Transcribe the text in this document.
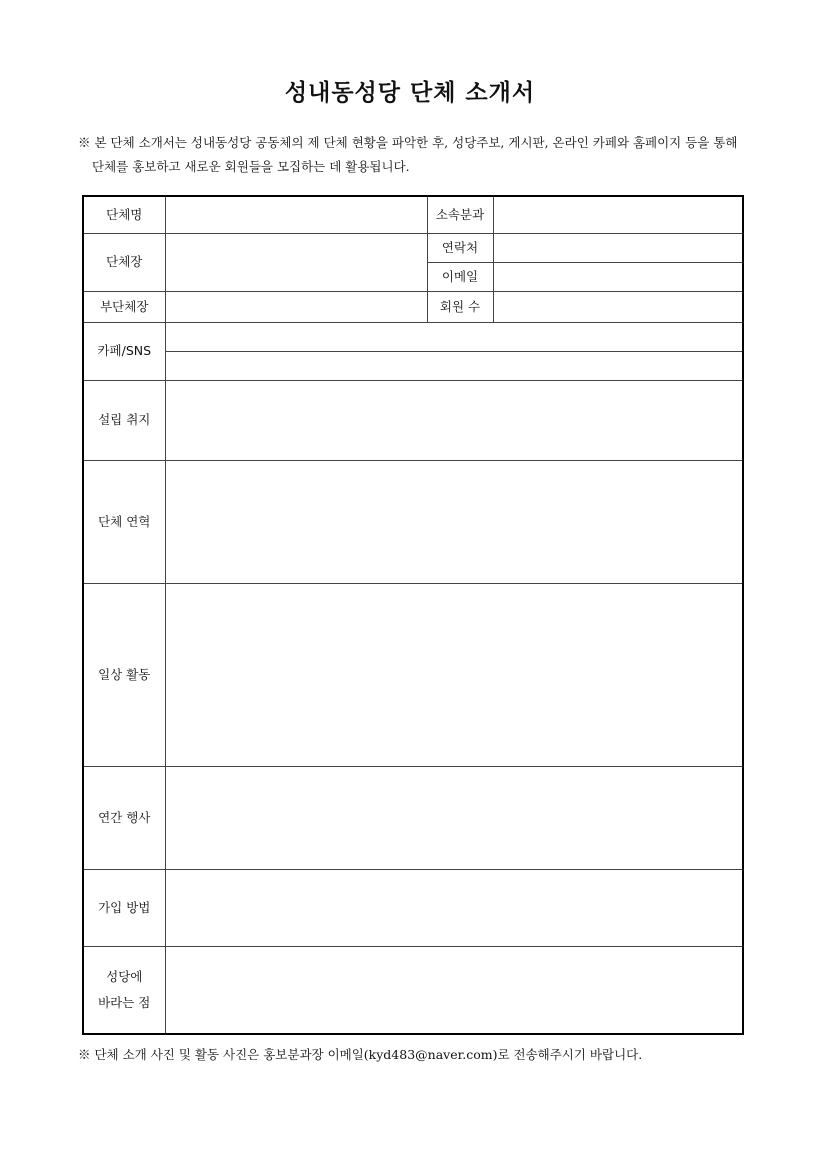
성내동성당 단체 소개서
※ 본 단체 소개서는 성내동성당 공동체의 제 단체 현황을 파악한 후, 성당주보, 게시판, 온라인 카페와 홈페이지 등을 통해 단체를 홍보하고 새로운 회원들을 모집하는 데 활용됩니다.
단체명		소속분과	
단체장		연락처	
		이메일	
부단체장		회원 수	
카페/SNS			

설립 취지			
단체 연혁			
일상 활동			
연간 행사			
가입 방법			

성당에
바라는 점			

※ 단체 소개 사진 및 활동 사진은 홍보분과장 이메일(kyd483@naver.com)로 전송해주시기 바랍니다.
